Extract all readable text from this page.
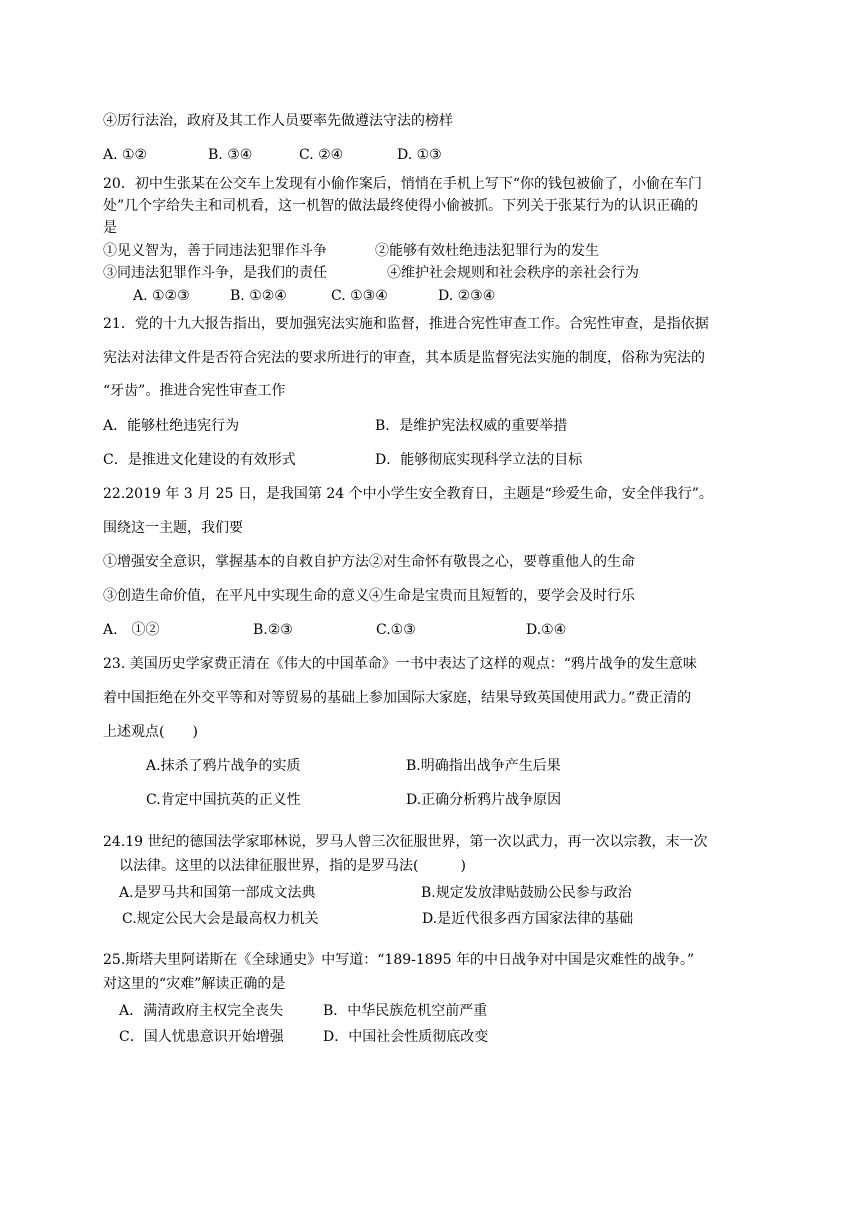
④厉行法治，政府及其工作人员要率先做遵法守法的榜样
A. ①②	B. ③④	C. ②④	D. ①③
20．初中生张某在公交车上发现有小偷作案后，悄悄在手机上写下“你的钱包被偷了，小偷在车门
处”几个字给失主和司机看，这一机智的做法最终使得小偷被抓。下列关于张某行为的认识正确的
是
①见义智为，善于同违法犯罪作斗争	②能够有效杜绝违法犯罪行为的发生
③同违法犯罪作斗争，是我们的责任	④维护社会规则和社会秩序的亲社会行为
A. ①②③	B. ①②④	C. ①③④	D. ②③④
21．党的十九大报告指出，要加强宪法实施和监督，推进合宪性审查工作。合宪性审查，是指依据
宪法对法律文件是否符合宪法的要求所进行的审查，其本质是监督宪法实施的制度，俗称为宪法的
“牙齿”。推进合宪性审查工作
A．能够杜绝违宪行为	B．是维护宪法权威的重要举措
C．是推进文化建设的有效形式	D．能够彻底实现科学立法的目标
22.2019 年 3 月 25 日，是我国第 24 个中小学生安全教育日，主题是“珍爱生命，安全伴我行”。
围绕这一主题，我们要
①增强安全意识，掌握基本的自救自护方法②对生命怀有敬畏之心，要尊重他人的生命
③创造生命价值，在平凡中实现生命的意义④生命是宝贵而且短暂的，要学会及时行乐
A.　①②	B.②③	C.①③	D.①④
23. 美国历史学家费正清在《伟大的中国革命》一书中表达了这样的观点：“鸦片战争的发生意味
着中国拒绝在外交平等和对等贸易的基础上参加国际大家庭，结果导致英国使用武力。”费正清的
上述观点(　　)
A.抹杀了鸦片战争的实质	B.明确指出战争产生后果
C.肯定中国抗英的正义性	D.正确分析鸦片战争原因
24.19 世纪的德国法学家耶林说，罗马人曾三次征服世界，第一次以武力，再一次以宗教，末一次
以法律。这里的以法律征服世界，指的是罗马法(　　　)
A.是罗马共和国第一部成文法典	B.规定发放津贴鼓励公民参与政治
C.规定公民大会是最高权力机关	D.是近代很多西方国家法律的基础
25.斯塔夫里阿诺斯在《全球通史》中写道：“189-1895 年的中日战争对中国是灾难性的战争。”
对这里的“灾难”解读正确的是
A．满清政府主权完全丧失	B．中华民族危机空前严重
C．国人忧患意识开始增强	D．中国社会性质彻底改变
